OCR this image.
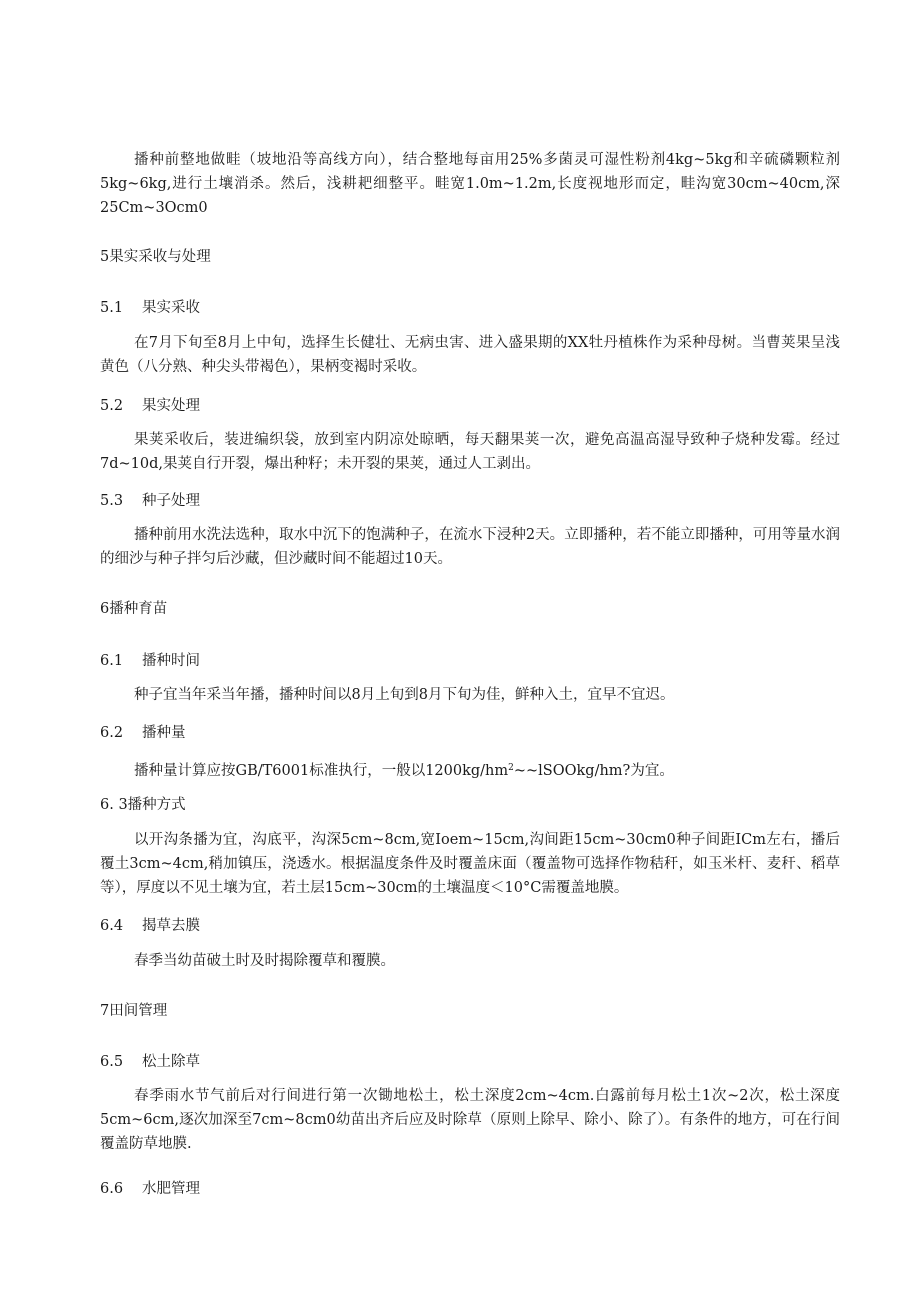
播种前整地做畦（坡地沿等高线方向），结合整地每亩用25%多菌灵可湿性粉剂4kg~5kg和辛硫磷颗粒剂5kg~6kg,进行土壤消杀。然后，浅耕耙细整平。畦宽1.0m~1.2m,长度视地形而定，畦沟宽30cm~40cm,深25Cm~3Ocm0

5果实采收与处理
5.1 果实采收

在7月下旬至8月上中旬，选择生长健壮、无病虫害、进入盛果期的XX牡丹植株作为采种母树。当曹荚果呈浅黄色（八分熟、种尖头带褐色），果柄变褐时采收。

5.2 果实处理

果荚采收后，装进编织袋，放到室内阴凉处晾晒，每天翻果荚一次，避免高温高湿导致种子烧种发霉。经过7d~10d,果荚自行开裂，爆出种籽；未开裂的果荚，通过人工剥出。

5.3 种子处理

播种前用水洗法选种，取水中沉下的饱满种子，在流水下浸种2天。立即播种，若不能立即播种，可用等量水润的细沙与种子拌匀后沙藏，但沙藏时间不能超过10天。

6播种育苗
6.1 播种时间

种子宜当年采当年播，播种时间以8月上旬到8月下旬为佳，鲜种入土，宜早不宜迟。

6.2 播种量

播种量计算应按GB/T6001标准执行，一般以$1200kg/hm^2\sim\sim lSOOkg/hm$?为宜。

6. 3播种方式

以开沟条播为宜，沟底平，沟深5cm~8cm,宽Ioem~15cm,沟间距15cm~30cm0种子间距ICm左右，播后覆土3cm~4cm,稍加镇压，浇透水。根据温度条件及时覆盖床面（覆盖物可选择作物秸秆，如玉米杆、麦秆、稻草等），厚度以不见土壤为宜，若土层15cm~30cm的土壤温度＜10°C需覆盖地膜。

6.4 揭草去膜

春季当幼苗破土时及时揭除覆草和覆膜。

7田间管理
6.5 松土除草

春季雨水节气前后对行间进行第一次锄地松土，松土深度2cm~4cm.白露前每月松土1次~2次，松土深度5cm~6cm,逐次加深至7cm~8cm0幼苗出齐后应及时除草（原则上除早、除小、除了）。有条件的地方，可在行间覆盖防草地膜.

6.6 水肥管理
